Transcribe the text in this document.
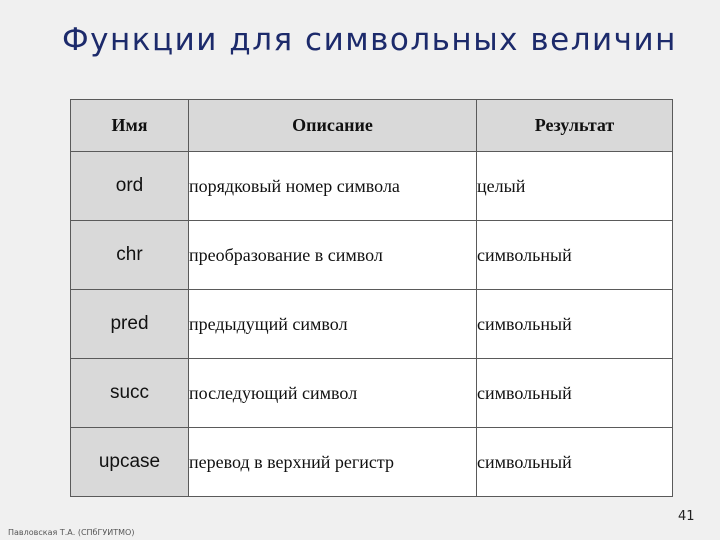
Функции для символьных величин
Имя	Описание	Результат
ord	порядковый номер символа	целый
chr	преобразование в символ	символьный
pred	предыдущий символ	символьный
succ	последующий символ	символьный
upcase	перевод в верхний регистр	символьный
Павловская Т.А. (СПбГУИТМО)
41
